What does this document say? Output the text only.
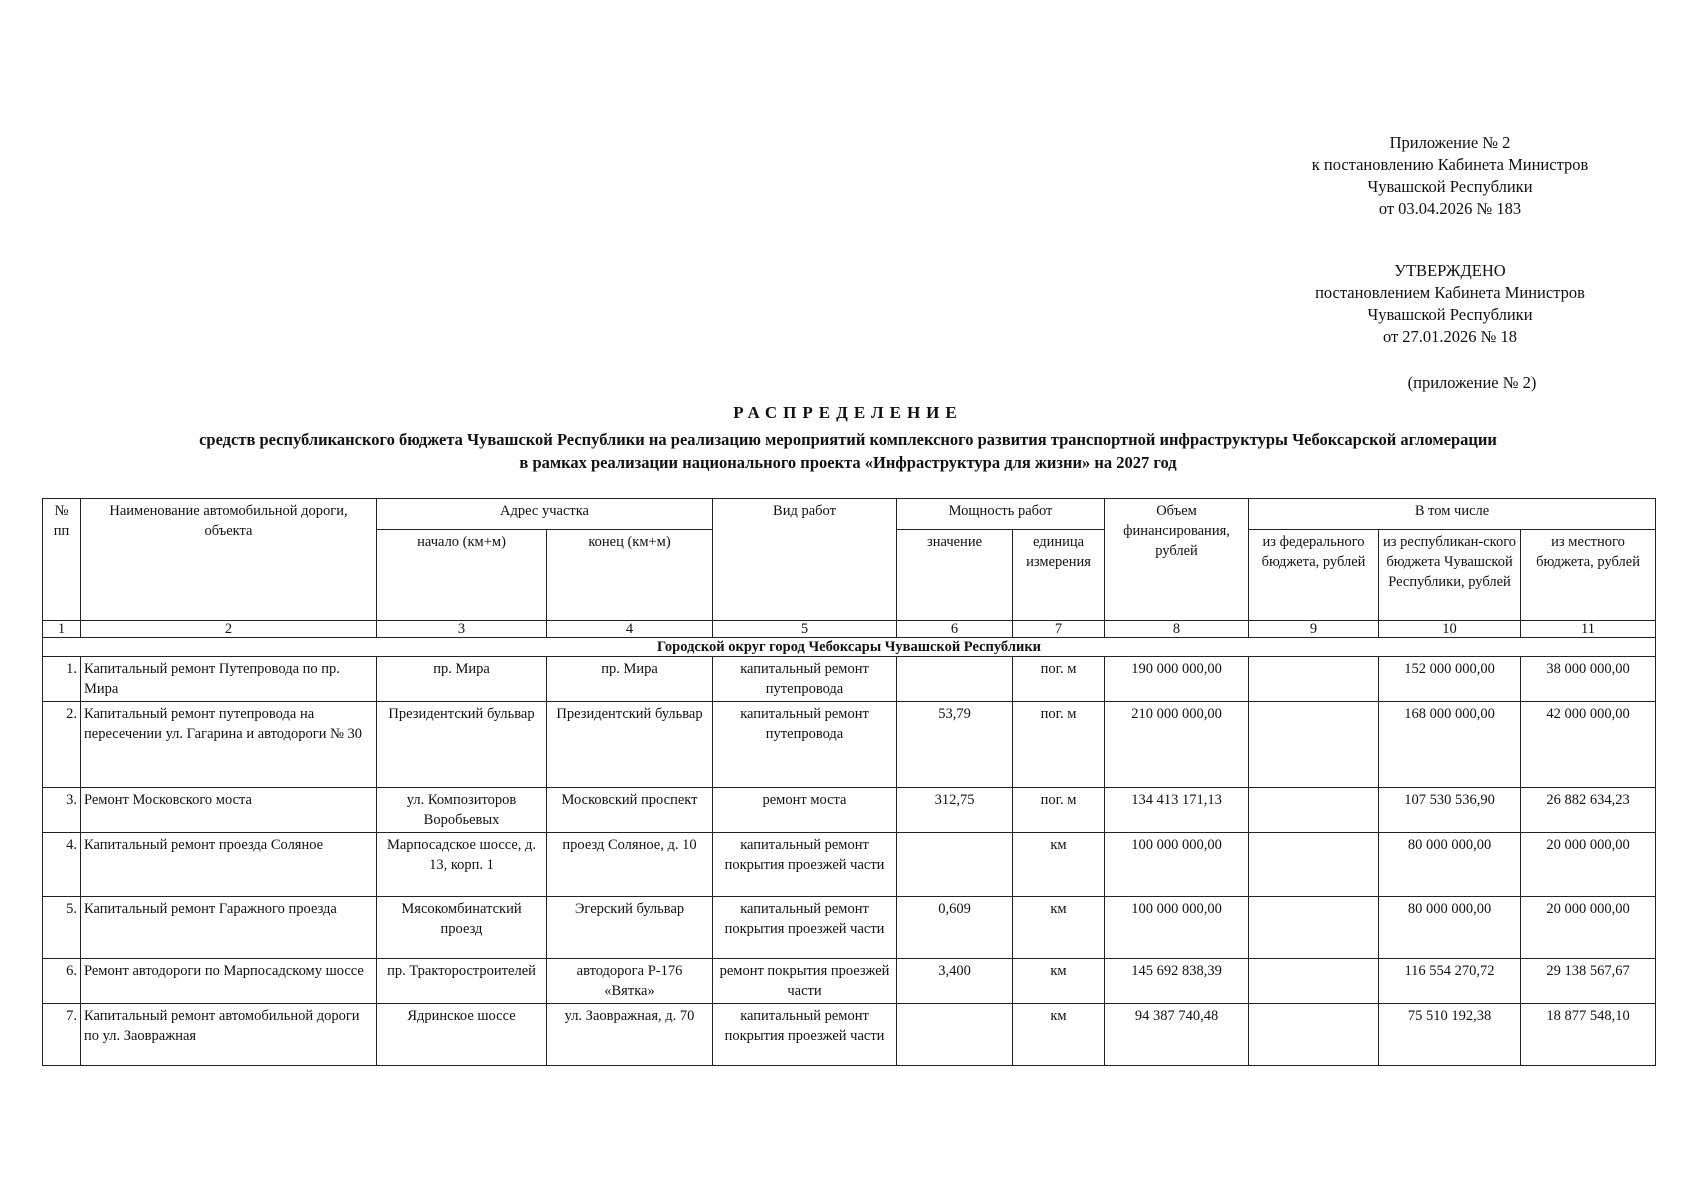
Приложение № 2
к постановлению Кабинета Министров
Чувашской Республики
от 03.04.2026 № 183
УТВЕРЖДЕНО
постановлением Кабинета Министров
Чувашской Республики
от 27.01.2026 № 18
(приложение № 2)
РАСПРЕДЕЛЕНИЕ
средств республиканского бюджета Чувашской Республики на реализацию мероприятий комплексного развития транспортной инфраструктуры Чебоксарской агломерации
в рамках реализации национального проекта «Инфраструктура для жизни» на 2027 год
№ пп	Наименование автомобильной дороги, объекта	Адрес участка		Вид работ	Мощность работ		Объем финансирования, рублей	В том числе		
		начало (км+м)	конец (км+м)		значение	единица измерения		из федерального бюджета, рублей	из республикан-ского бюджета Чувашской Республики, рублей	из местного бюджета, рублей
1	2	3	4	5	6	7	8	9	10	11
Городской округ город Чебоксары Чувашской Республики										
1.	Капитальный ремонт Путепровода по пр. Мира	пр. Мира	пр. Мира	капитальный ремонт путепровода		пог. м	190 000 000,00		152 000 000,00	38 000 000,00
2.	Капитальный ремонт путепровода на пересечении ул. Гагарина и автодороги № 30	Президентский бульвар	Президентский бульвар	капитальный ремонт путепровода	53,79	пог. м	210 000 000,00		168 000 000,00	42 000 000,00
3.	Ремонт Московского моста	ул. Композиторов Воробьевых	Московский проспект	ремонт моста	312,75	пог. м	134 413 171,13		107 530 536,90	26 882 634,23
4.	Капитальный ремонт проезда Соляное	Марпосадское шоссе, д. 13, корп. 1	проезд Соляное, д. 10	капитальный ремонт покрытия проезжей части		км	100 000 000,00		80 000 000,00	20 000 000,00
5.	Капитальный ремонт Гаражного проезда	Мясокомбинатский проезд	Эгерский бульвар	капитальный ремонт покрытия проезжей части	0,609	км	100 000 000,00		80 000 000,00	20 000 000,00
6.	Ремонт автодороги по Марпосадскому шоссе	пр. Тракторостроителей	автодорога Р-176 «Вятка»	ремонт покрытия проезжей части	3,400	км	145 692 838,39		116 554 270,72	29 138 567,67
7.	Капитальный ремонт автомобильной дороги по ул. Заовражная	Ядринское шоссе	ул. Заовражная, д. 70	капитальный ремонт покрытия проезжей части		км	94 387 740,48		75 510 192,38	18 877 548,10
